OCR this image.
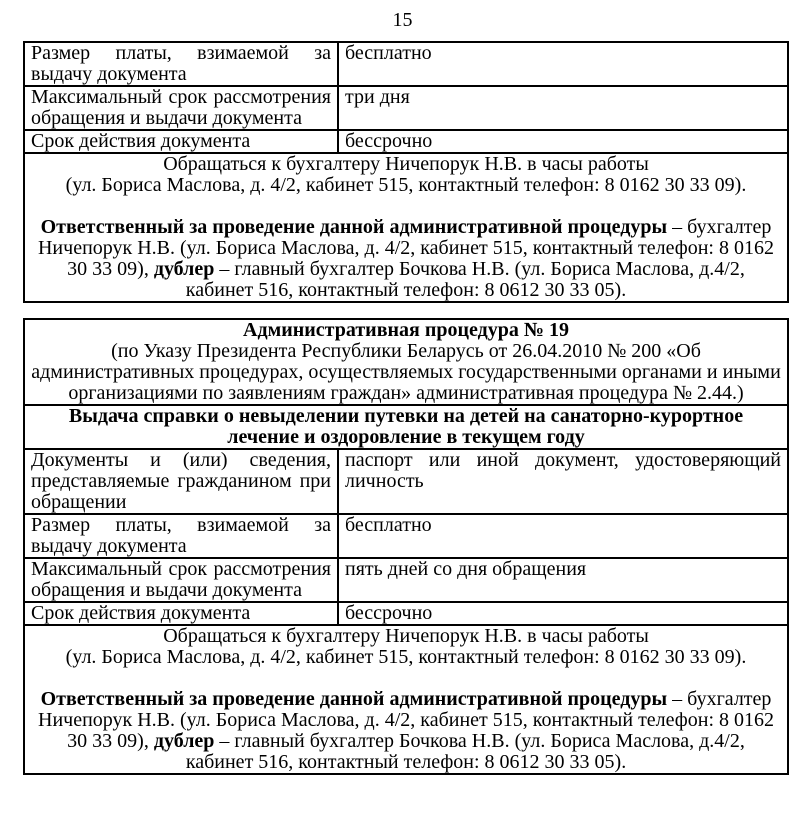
15
Размер платы, взимаемой за выдачу документа	бесплатно
Максимальный срок рассмотрения обращения и выдачи документа	три дня
Срок действия документа	бессрочно

Обращаться к бухгалтеру Ничепорук Н.В. в часы работы

(ул. Бориса Маслова, д. 4/2, кабинет 515, контактный телефон: 8 0162 30 33 09).

Ответственный за проведение данной административной процедуры – бухгалтер Ничепорук Н.В. (ул. Бориса Маслова, д. 4/2, кабинет 515, контактный телефон: 8 0162 30 33 09), дублер – главный бухгалтер Бочкова Н.В. (ул. Бориса Маслова, д.4/2, кабинет 516, контактный телефон: 8 0612 30 33 05).	

Административная процедура № 19

(по Указу Президента Республики Беларусь от 26.04.2010 № 200 «Об административных процедурах, осуществляемых государственными органами и иными организациями по заявлениям граждан» административная процедура № 2.44.)	

Выдача справки о невыделении путевки на детей на санаторно-курортное лечение и оздоровление в текущем году	
Документы и (или) сведения, представляемые гражданином при обращении	паспорт или иной документ, удостоверяющий личность
Размер платы, взимаемой за выдачу документа	бесплатно
Максимальный срок рассмотрения обращения и выдачи документа	пять дней со дня обращения
Срок действия документа	бессрочно

Обращаться к бухгалтеру Ничепорук Н.В. в часы работы

(ул. Бориса Маслова, д. 4/2, кабинет 515, контактный телефон: 8 0162 30 33 09).

Ответственный за проведение данной административной процедуры – бухгалтер Ничепорук Н.В. (ул. Бориса Маслова, д. 4/2, кабинет 515, контактный телефон: 8 0162 30 33 09), дублер – главный бухгалтер Бочкова Н.В. (ул. Бориса Маслова, д.4/2, кабинет 516, контактный телефон: 8 0612 30 33 05).	
